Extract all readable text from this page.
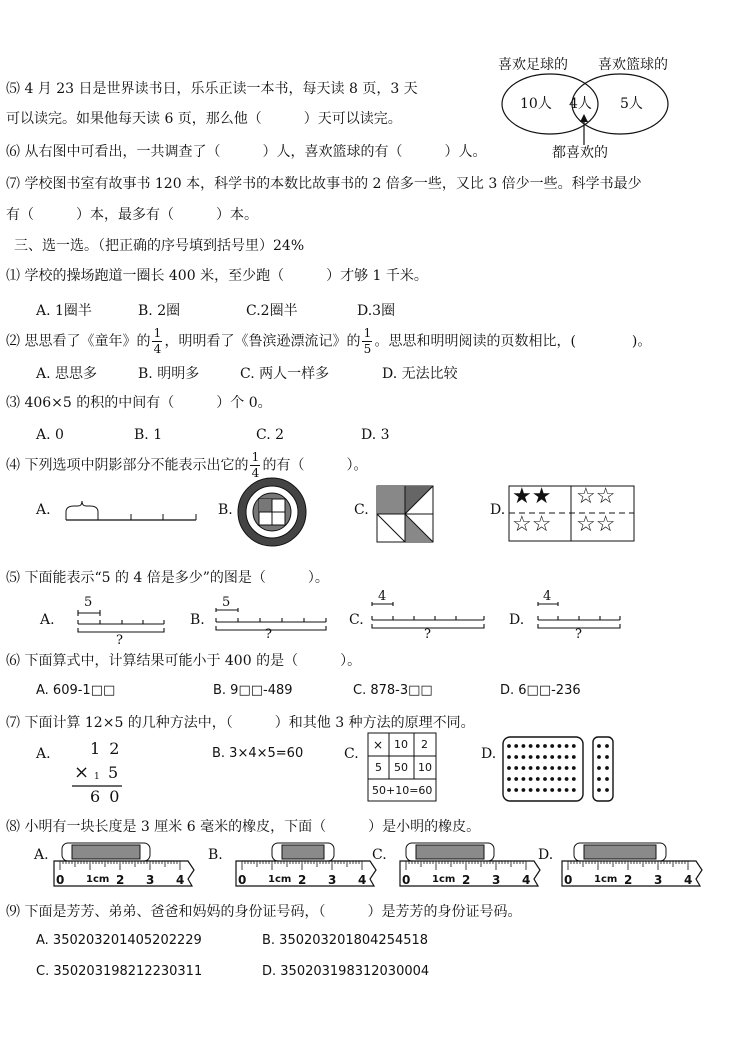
喜欢足球的 喜欢篮球的
10人 4人 5人
都喜欢的
⑸ 4 月 23 日是世界读书日，乐乐正读一本书，每天读 8 页，3 天
可以读完。如果他每天读 6 页，那么他（　　　）天可以读完。
⑹ 从右图中可看出，一共调查了（　　　）人，喜欢篮球的有（　　　）人。
⑺ 学校图书室有故事书 120 本，科学书的本数比故事书的 2 倍多一些，又比 3 倍少一些。科学书最少
有（　　　）本，最多有（　　　）本。
三、选一选。（把正确的序号填到括号里）24%
⑴ 学校的操场跑道一圈长 400 米，至少跑（　　　）才够 1 千米。
A. 1圈半	B. 2圈	C.2圈半	D.3圈
⑵ 思思看了《童年》的 $\frac{1}{4}$ ，明明看了《鲁滨逊漂流记》的 $\frac{1}{5}$ 。思思和明明阅读的页数相比，(　　　　)。
A. 思思多	B. 明明多	C. 两人一样多	D. 无法比较
⑶ 406×5 的积的中间有（　　　）个 0。
A. 0	B. 1	C. 2	D. 3
⑷ 下列选项中阴影部分不能表示出它的 $\frac{1}{4}$ 的有（　　　）。
A.	B.	C.	D.
★★ ☆☆
☆☆ ☆☆
⑸ 下面能表示“5 的 4 倍是多少”的图是（　　　）。
A.	B.	C.	D.
5
?
5
?
4
?
4
?
⑹ 下面算式中，计算结果可能小于 400 的是（　　　）。
A. 609-1□□	B. 9□□-489	C. 878-3□□	D. 6□□-236
⑺ 下面计算 12×5 的几种方法中，（　　　）和其他 3 种方法的原理不同。
A.	B. 3×4×5=60	C.	D.
1 2
× 1 5
6 0
× 10 2
5 50 10
50+10=60
⑻ 小明有一块长度是 3 厘米 6 毫米的橡皮，下面（　　　）是小明的橡皮。
A.	B.	C.	D.
0 1cm 2 3 4	0 1cm 2 3 4	0 1cm 2 3 4	0 1cm 2 3 4
⑼ 下面是芳芳、弟弟、爸爸和妈妈的身份证号码，（　　　）是芳芳的身份证号码。
A. 350203201405202229	B. 350203201804254518
C. 350203198212230311	D. 350203198312030004
